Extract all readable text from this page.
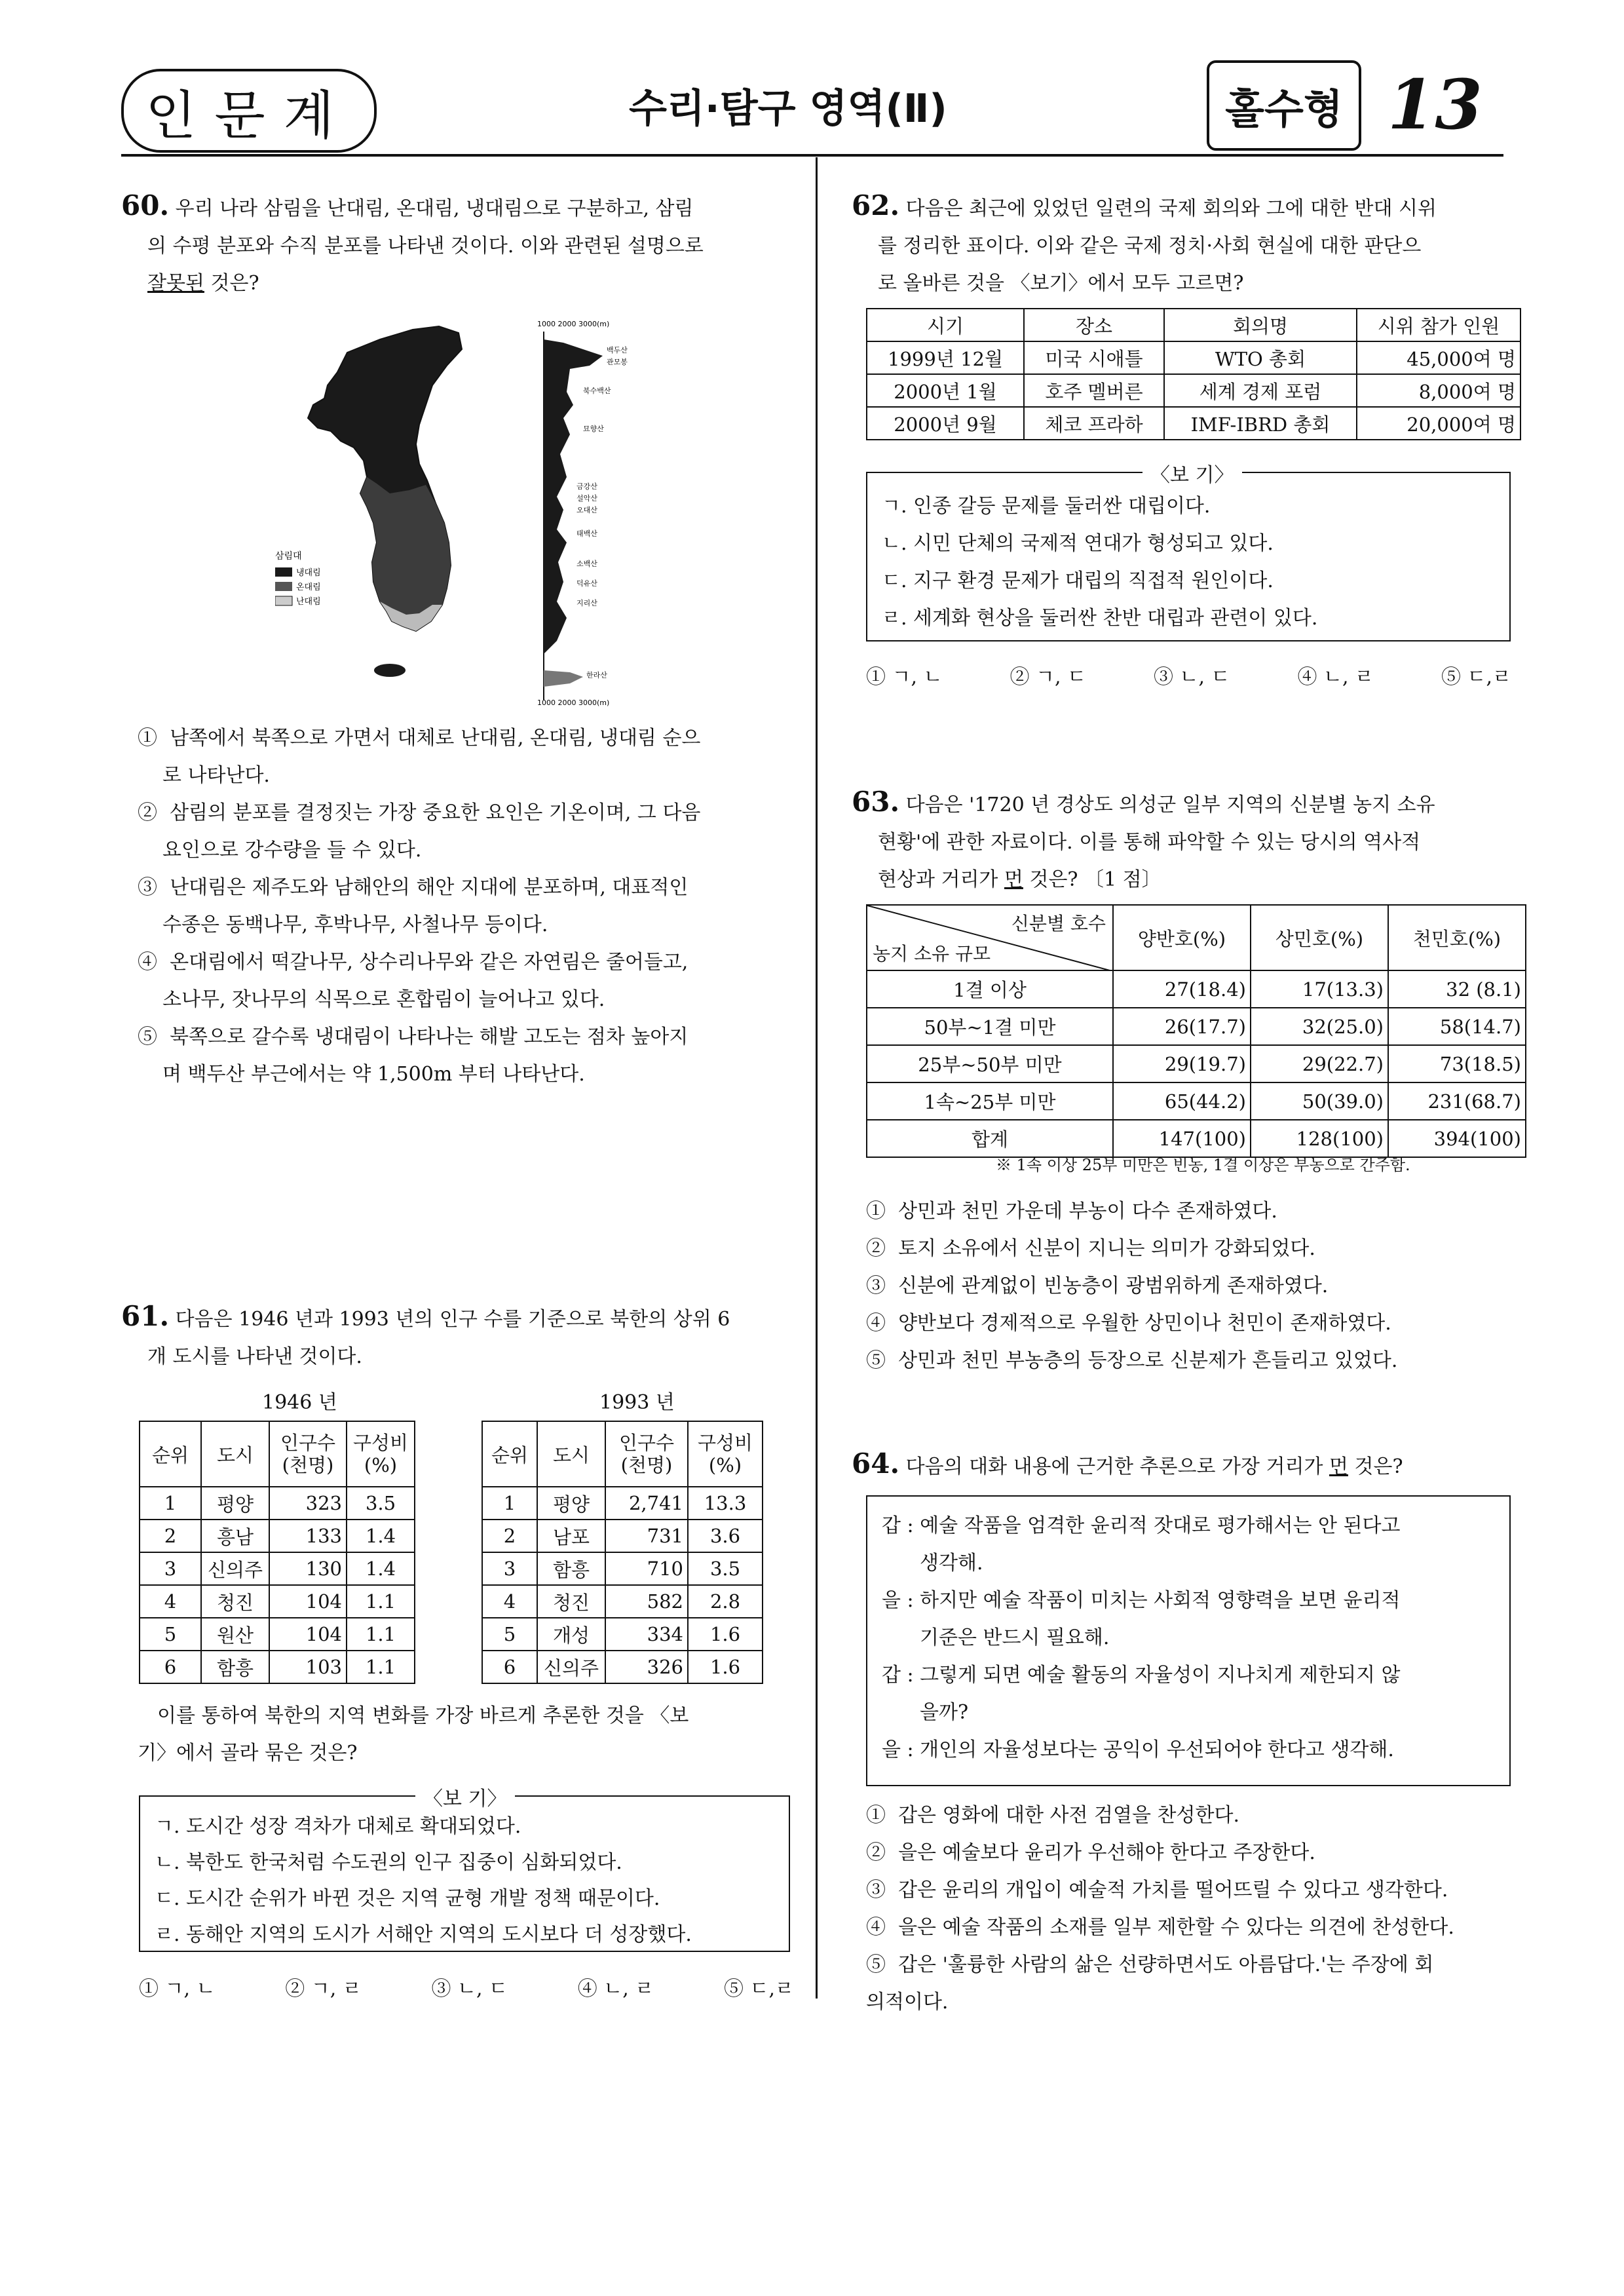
인문계	수리·탐구 영역(Ⅱ)	홀수형 13
60. 우리 나라 삼림을 난대림, 온대림, 냉대림으로 구분하고, 삼림
의 수평 분포와 수직 분포를 나타낸 것이다. 이와 관련된 설명으로
잘못된 것은?
삼림대
냉대림
온대림
난대림
1000 2000 3000(m)
백두산
관모봉
북수백산
묘향산
금강산
설악산
오대산
태백산
소백산
덕유산
지리산
한라산
1000 2000 3000(m)
① 남쪽에서 북쪽으로 가면서 대체로 난대림, 온대림, 냉대림 순으
로 나타난다.
② 삼림의 분포를 결정짓는 가장 중요한 요인은 기온이며, 그 다음
요인으로 강수량을 들 수 있다.
③ 난대림은 제주도와 남해안의 해안 지대에 분포하며, 대표적인
수종은 동백나무, 후박나무, 사철나무 등이다.
④ 온대림에서 떡갈나무, 상수리나무와 같은 자연림은 줄어들고,
소나무, 잣나무의 식목으로 혼합림이 늘어나고 있다.
⑤ 북쪽으로 갈수록 냉대림이 나타나는 해발 고도는 점차 높아지
며 백두산 부근에서는 약 1,500m 부터 나타난다.
61. 다음은 1946 년과 1993 년의 인구 수를 기준으로 북한의 상위 6
개 도시를 나타낸 것이다.
1946 년	1993 년
순위	도시	인구수
(천명)	구성비
(%)
1	평양	323	3.5
2	흥남	133	1.4
3	신의주	130	1.4
4	청진	104	1.1
5	원산	104	1.1
6	함흥	103	1.1
순위	도시	인구수
(천명)	구성비
(%)
1	평양	2,741	13.3
2	남포	731	3.6
3	함흥	710	3.5
4	청진	582	2.8
5	개성	334	1.6
6	신의주	326	1.6
이를 통하여 북한의 지역 변화를 가장 바르게 추론한 것을 〈보
기〉에서 골라 묶은 것은?
〈보 기〉
ㄱ. 도시간 성장 격차가 대체로 확대되었다.
ㄴ. 북한도 한국처럼 수도권의 인구 집중이 심화되었다.
ㄷ. 도시간 순위가 바뀐 것은 지역 균형 개발 정책 때문이다.
ㄹ. 동해안 지역의 도시가 서해안 지역의 도시보다 더 성장했다.
① ㄱ, ㄴ	② ㄱ, ㄹ	③ ㄴ, ㄷ	④ ㄴ, ㄹ	⑤ ㄷ,ㄹ
62. 다음은 최근에 있었던 일련의 국제 회의와 그에 대한 반대 시위
를 정리한 표이다. 이와 같은 국제 정치·사회 현실에 대한 판단으
로 올바른 것을 〈보기〉에서 모두 고르면?
시기	장소	회의명	시위 참가 인원
1999년 12월	미국 시애틀	WTO 총회	45,000여 명
2000년 1월	호주 멜버른	세계 경제 포럼	8,000여 명
2000년 9월	체코 프라하	IMF-IBRD 총회	20,000여 명
〈보 기〉
ㄱ. 인종 갈등 문제를 둘러싼 대립이다.
ㄴ. 시민 단체의 국제적 연대가 형성되고 있다.
ㄷ. 지구 환경 문제가 대립의 직접적 원인이다.
ㄹ. 세계화 현상을 둘러싼 찬반 대립과 관련이 있다.
① ㄱ, ㄴ	② ㄱ, ㄷ	③ ㄴ, ㄷ	④ ㄴ, ㄹ	⑤ ㄷ,ㄹ
63. 다음은 '1720 년 경상도 의성군 일부 지역의 신분별 농지 소유
현황'에 관한 자료이다. 이를 통해 파악할 수 있는 당시의 역사적
현상과 거리가 먼 것은? 〔1 점〕
신분별 호수
농지 소유 규모	양반호(%)	상민호(%)	천민호(%)
1결 이상	27(18.4)	17(13.3)	32 (8.1)
50부~1결 미만	26(17.7)	32(25.0)	58(14.7)
25부~50부 미만	29(19.7)	29(22.7)	73(18.5)
1속~25부 미만	65(44.2)	50(39.0)	231(68.7)
합계	147(100)	128(100)	394(100)
※ 1속 이상 25부 미만은 빈농, 1결 이상은 부농으로 간주함.
① 상민과 천민 가운데 부농이 다수 존재하였다.
② 토지 소유에서 신분이 지니는 의미가 강화되었다.
③ 신분에 관계없이 빈농층이 광범위하게 존재하였다.
④ 양반보다 경제적으로 우월한 상민이나 천민이 존재하였다.
⑤ 상민과 천민 부농층의 등장으로 신분제가 흔들리고 있었다.
64. 다음의 대화 내용에 근거한 추론으로 가장 거리가 먼 것은?
갑 : 예술 작품을 엄격한 윤리적 잣대로 평가해서는 안 된다고
생각해.
을 : 하지만 예술 작품이 미치는 사회적 영향력을 보면 윤리적
기준은 반드시 필요해.
갑 : 그렇게 되면 예술 활동의 자율성이 지나치게 제한되지 않
을까?
을 : 개인의 자율성보다는 공익이 우선되어야 한다고 생각해.
① 갑은 영화에 대한 사전 검열을 찬성한다.
② 을은 예술보다 윤리가 우선해야 한다고 주장한다.
③ 갑은 윤리의 개입이 예술적 가치를 떨어뜨릴 수 있다고 생각한다.
④ 을은 예술 작품의 소재를 일부 제한할 수 있다는 의견에 찬성한다.
⑤ 갑은 '훌륭한 사람의 삶은 선량하면서도 아름답다.'는 주장에 회
의적이다.
